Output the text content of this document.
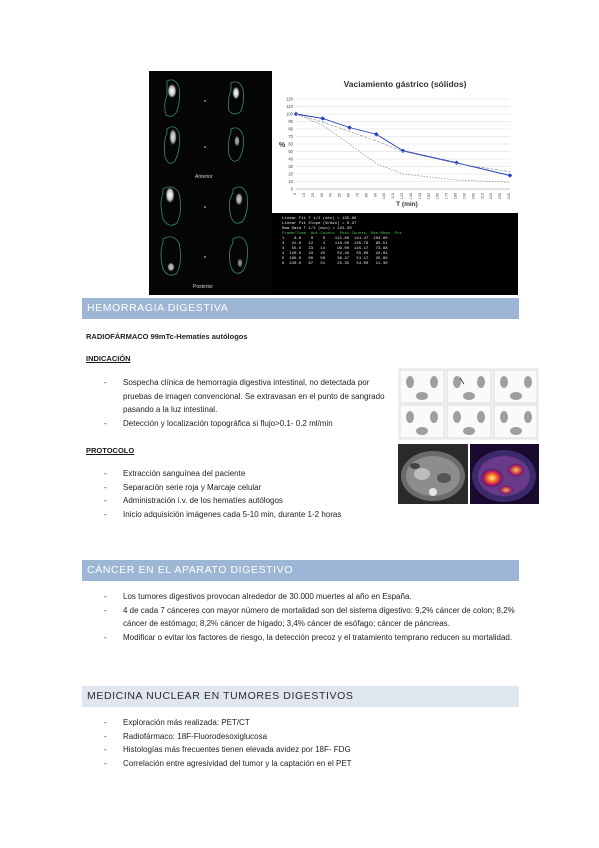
Anterior
Posterior
Vaciamiento gástrico (sólidos)
%
T (min)
0
10
20
30
40
50
60
70
80
90
100
110
120
0 10 20 30 40 50 60 70 80 90 100 110 120 130 140 150 160 170 180 190 200 210 220 230 240
Linear Fit T 1/2 (min) = 135.86
Linear Fit Slope (%/min) = 0.37
Raw Data T 1/2 (min) = 124.30
Frame/Time  Ant.Counts  Post.Counts  Geo.Mean  Pct
1    0.0    0    0    121.80  141.47  103.00
2   21.8   12    4    110.00  135.76   95.51
3   55.5   23   14     99.00  115.17   73.88
4  120.0   33   25     52.40   55.08   42.01
5  180.0   60   50     36.37   51.17   25.80
6  240.0   67   51     25.35   54.00   11.30
HEMORRAGIA DIGESTIVA
RADIOFÁRMACO 99mTc-Hematíes autólogos
INDICACIÓN
- Sospecha clínica de hemorragia digestiva intestinal, no detectada por pruebas de imagen convencional. Se extravasan en el punto de sangrado pasando a la luz intestinal.
- Detección y localización topográfica si flujo>0.1- 0.2 ml/min
PROTOCOLO
- Extracción sanguínea del paciente
- Separación serie roja y Marcaje celular
- Administración i.v. de los hematíes autólogos
- Inicio adquisición imágenes cada 5-10 min, durante 1-2 horas
CÁNCER EN EL APARATO DIGESTIVO
- Los tumores digestivos provocan alrededor de 30.000 muertes al año en España.
- 4 de cada 7 cánceres con mayor número de mortalidad son del sistema digestivo: 9,2% cáncer de colon; 8,2% cáncer de estómago; 8,2% cáncer de hígado; 3,4% cáncer de esófago; cáncer de páncreas.
- Modificar o evitar los factores de riesgo, la detección precoz y el tratamiento temprano reducen su mortalidad.
MEDICINA NUCLEAR EN TUMORES DIGESTIVOS
- Exploración más realizada: PET/CT
- Radiofármaco: 18F-Fluorodesoxiglucosa
- Histologías más frecuentes tienen elevada avidez por 18F- FDG
- Correlación entre agresividad del tumor y la captación en el PET
